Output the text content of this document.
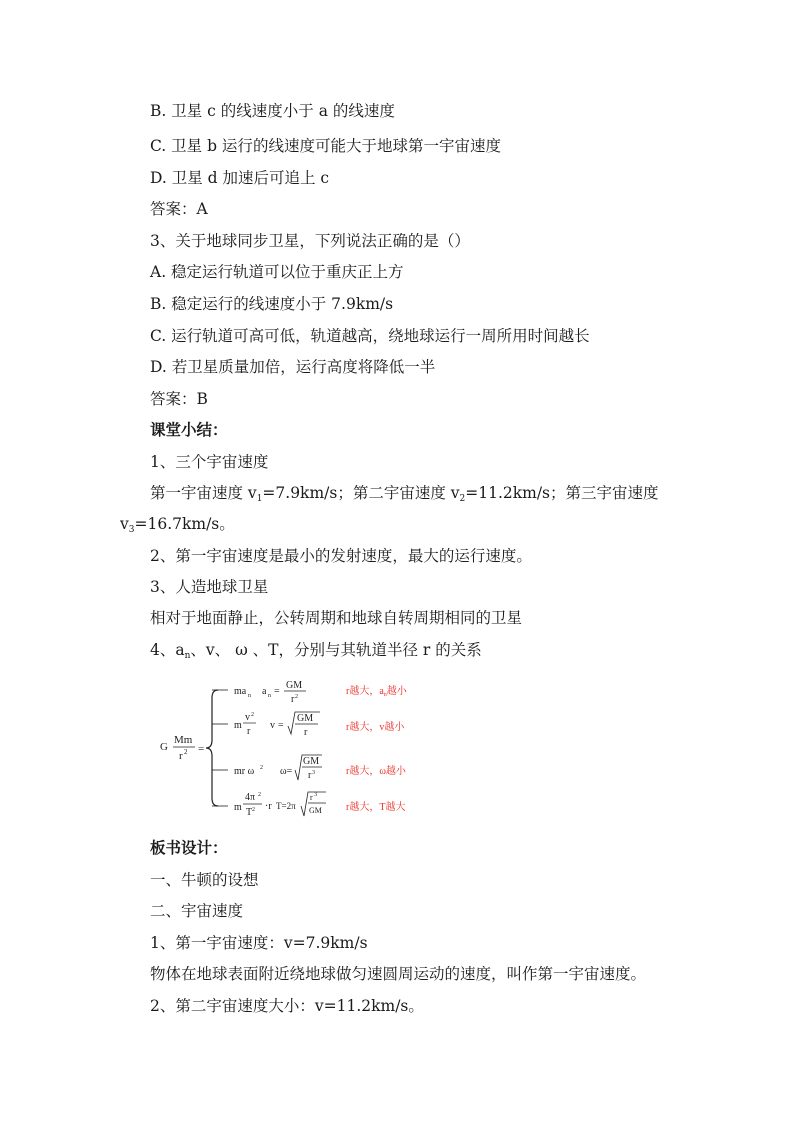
B. 卫星 c 的线速度小于 a 的线速度
C. 卫星 b 运行的线速度可能大于地球第一宇宙速度
D. 卫星 d 加速后可追上 c
答案：A
3、关于地球同步卫星，下列说法正确的是（）
A. 稳定运行轨道可以位于重庆正上方
B. 稳定运行的线速度小于 7.9km/s
C. 运行轨道可高可低，轨道越高，绕地球运行一周所用时间越长
D. 若卫星质量加倍，运行高度将降低一半
答案：B
课堂小结：
1、三个宇宙速度
第一宇宙速度 $v_1=7.9km/s$；第二宇宙速度 $v_2=11.2km/s$；第三宇宙速度
$v_3=16.7km/s$。
2、第一宇宙速度是最小的发射速度，最大的运行速度。
3、人造地球卫星
相对于地面静止，公转周期和地球自转周期相同的卫星
4、$a_n$、v、 ω 、T，分别与其轨道半径 r 的关系
G
Mm
r 2 =
ma n a n =
GM
r 2
m
v 2
r
v =
GM
r
mr ω 2 ω=
GM
r 3
m
4π 2
T 2 ·r T=2π
r 3
GM
r越大，$a_n$越小
r越大，v越小
r越大，ω越小
r越大，T越大
板书设计：
一、牛顿的设想
二、宇宙速度
1、第一宇宙速度：v=7.9km/s
物体在地球表面附近绕地球做匀速圆周运动的速度，叫作第一宇宙速度。
2、第二宇宙速度大小：v=11.2km/s。
